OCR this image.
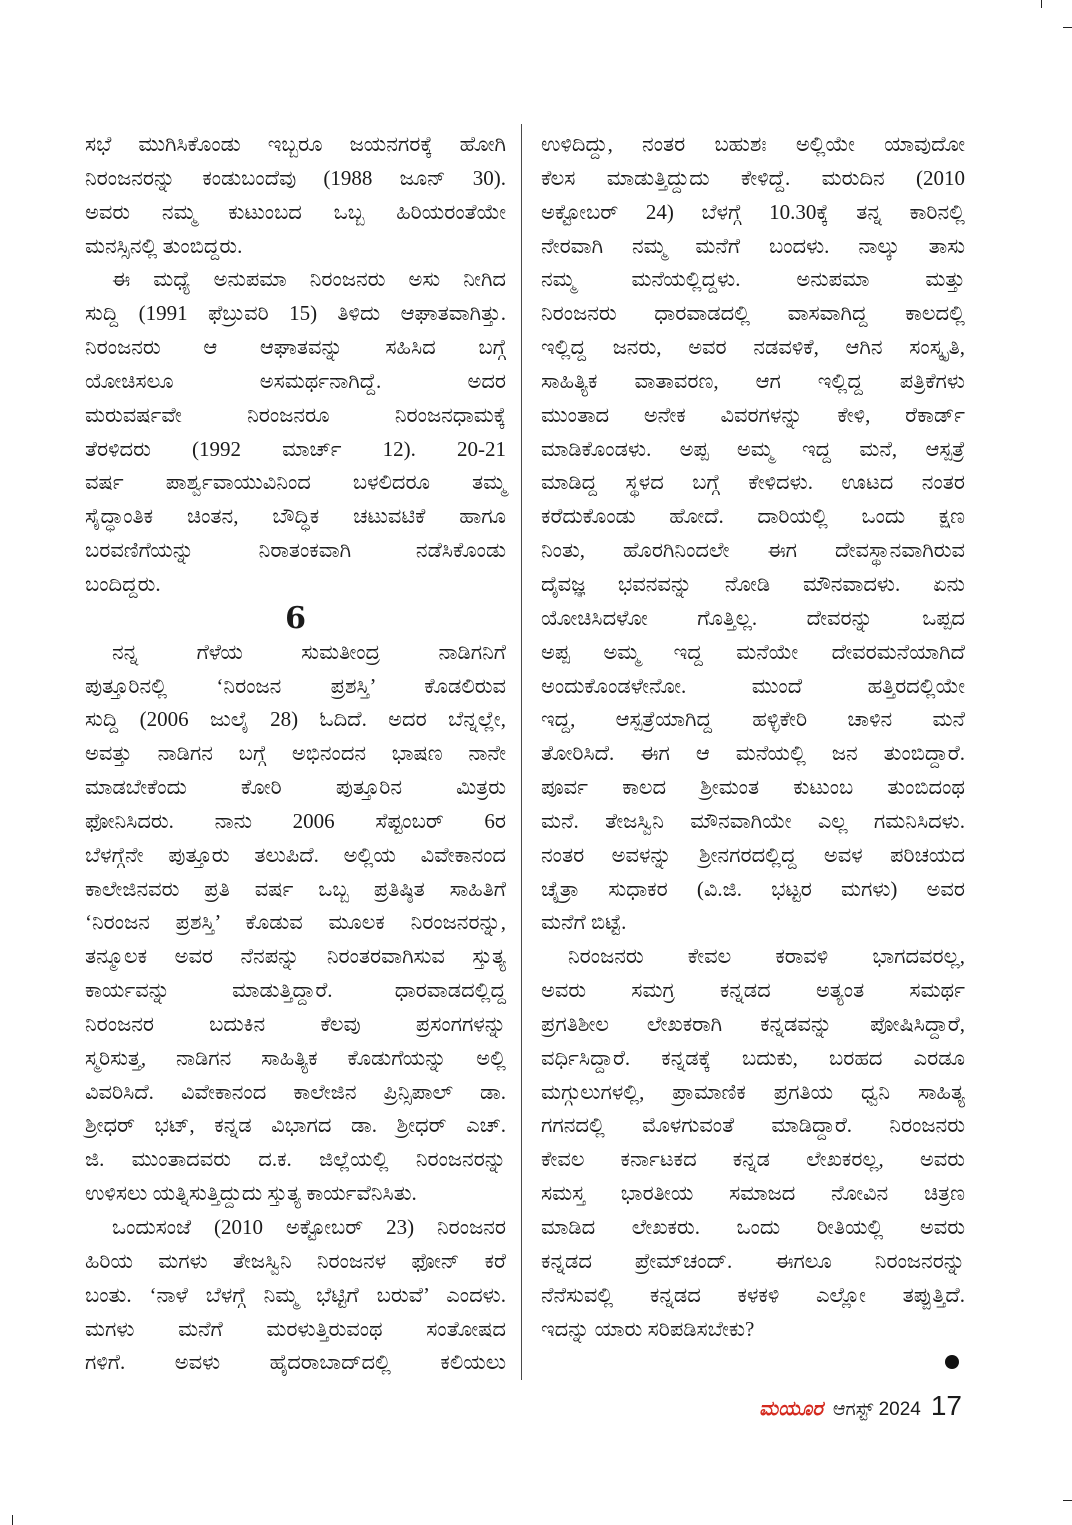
ಸಭೆ ಮುಗಿಸಿಕೊಂಡು ಇಬ್ಬರೂ ಜಯನಗರಕ್ಕೆ ಹೋಗಿ
ನಿರಂಜನರನ್ನು ಕಂಡುಬಂದೆವು (1988 ಜೂನ್ 30).
ಅವರು ನಮ್ಮ ಕುಟುಂಬದ ಒಬ್ಬ ಹಿರಿಯರಂತೆಯೇ
ಮನಸ್ಸಿನಲ್ಲಿ ತುಂಬಿದ್ದರು.
ಈ ಮಧ್ಯೆ ಅನುಪಮಾ ನಿರಂಜನರು ಅಸು ನೀಗಿದ
ಸುದ್ದಿ (1991 ಫೆಬ್ರುವರಿ 15) ತಿಳಿದು ಆಘಾತವಾಗಿತ್ತು.
ನಿರಂಜನರು ಆ ಆಘಾತವನ್ನು ಸಹಿಸಿದ ಬಗ್ಗೆ
ಯೋಚಿಸಲೂ ಅಸಮರ್ಥನಾಗಿದ್ದೆ. ಅದರ
ಮರುವರ್ಷವೇ ನಿರಂಜನರೂ ನಿರಂಜನಧಾಮಕ್ಕೆ
ತೆರಳಿದರು (1992 ಮಾರ್ಚ್ 12). 20-21
ವರ್ಷ ಪಾರ್ಶ್ವವಾಯುವಿನಿಂದ ಬಳಲಿದರೂ ತಮ್ಮ
ಸೈದ್ಧಾಂತಿಕ ಚಿಂತನ, ಬೌದ್ಧಿಕ ಚಟುವಟಿಕೆ ಹಾಗೂ
ಬರವಣಿಗೆಯನ್ನು ನಿರಾತಂಕವಾಗಿ ನಡೆಸಿಕೊಂಡು
ಬಂದಿದ್ದರು.
6
ನನ್ನ ಗೆಳೆಯ ಸುಮತೀಂದ್ರ ನಾಡಿಗನಿಗೆ
ಪುತ್ತೂರಿನಲ್ಲಿ ‘ನಿರಂಜನ ಪ್ರಶಸ್ತಿ’ ಕೊಡಲಿರುವ
ಸುದ್ದಿ (2006 ಜುಲೈ 28) ಓದಿದೆ. ಅದರ ಬೆನ್ನಲ್ಲೇ,
ಅವತ್ತು ನಾಡಿಗನ ಬಗ್ಗೆ ಅಭಿನಂದನ ಭಾಷಣ ನಾನೇ
ಮಾಡಬೇಕೆಂದು ಕೋರಿ ಪುತ್ತೂರಿನ ಮಿತ್ರರು
ಫೋನಿಸಿದರು. ನಾನು 2006 ಸೆಪ್ಟಂಬರ್ 6ರ
ಬೆಳಗ್ಗೆನೇ ಪುತ್ತೂರು ತಲುಪಿದೆ. ಅಲ್ಲಿಯ ವಿವೇಕಾನಂದ
ಕಾಲೇಜಿನವರು ಪ್ರತಿ ವರ್ಷ ಒಬ್ಬ ಪ್ರತಿಷ್ಠಿತ ಸಾಹಿತಿಗೆ
‘ನಿರಂಜನ ಪ್ರಶಸ್ತಿ’ ಕೊಡುವ ಮೂಲಕ ನಿರಂಜನರನ್ನು,
ತನ್ಮೂಲಕ ಅವರ ನೆನಪನ್ನು ನಿರಂತರವಾಗಿಸುವ ಸ್ತುತ್ಯ
ಕಾರ್ಯವನ್ನು ಮಾಡುತ್ತಿದ್ದಾರೆ. ಧಾರವಾಡದಲ್ಲಿದ್ದ
ನಿರಂಜನರ ಬದುಕಿನ ಕೆಲವು ಪ್ರಸಂಗಗಳನ್ನು
ಸ್ಮರಿಸುತ್ತ, ನಾಡಿಗನ ಸಾಹಿತ್ಯಿಕ ಕೊಡುಗೆಯನ್ನು ಅಲ್ಲಿ
ವಿವರಿಸಿದೆ. ವಿವೇಕಾನಂದ ಕಾಲೇಜಿನ ಪ್ರಿನ್ಸಿಪಾಲ್ ಡಾ.
ಶ್ರೀಧರ್ ಭಟ್, ಕನ್ನಡ ವಿಭಾಗದ ಡಾ. ಶ್ರೀಧರ್ ಎಚ್.
ಜಿ. ಮುಂತಾದವರು ದ.ಕ. ಜಿಲ್ಲೆಯಲ್ಲಿ ನಿರಂಜನರನ್ನು
ಉಳಿಸಲು ಯತ್ನಿಸುತ್ತಿದ್ದುದು ಸ್ತುತ್ಯ ಕಾರ್ಯವೆನಿಸಿತು.
ಒಂದುಸಂಜೆ (2010 ಅಕ್ಟೋಬರ್ 23) ನಿರಂಜನರ
ಹಿರಿಯ ಮಗಳು ತೇಜಸ್ವಿನಿ ನಿರಂಜನಳ ಫೋನ್ ಕರೆ
ಬಂತು. ‘ನಾಳೆ ಬೆಳಗ್ಗೆ ನಿಮ್ಮ ಭೆಟ್ಟಿಗೆ ಬರುವೆ’ ಎಂದಳು.
ಮಗಳು ಮನೆಗೆ ಮರಳುತ್ತಿರುವಂಥ ಸಂತೋಷದ
ಗಳಿಗೆ. ಅವಳು ಹೈದರಾಬಾದ್‌ದಲ್ಲಿ ಕಲಿಯಲು
ಉಳಿದಿದ್ದು, ನಂತರ ಬಹುಶಃ ಅಲ್ಲಿಯೇ ಯಾವುದೋ
ಕೆಲಸ ಮಾಡುತ್ತಿದ್ದುದು ಕೇಳಿದ್ದೆ. ಮರುದಿನ (2010
ಅಕ್ಟೋಬರ್ 24) ಬೆಳಗ್ಗೆ 10.30ಕ್ಕೆ ತನ್ನ ಕಾರಿನಲ್ಲಿ
ನೇರವಾಗಿ ನಮ್ಮ ಮನೆಗೆ ಬಂದಳು. ನಾಲ್ಕು ತಾಸು
ನಮ್ಮ ಮನೆಯಲ್ಲಿದ್ದಳು. ಅನುಪಮಾ ಮತ್ತು
ನಿರಂಜನರು ಧಾರವಾಡದಲ್ಲಿ ವಾಸವಾಗಿದ್ದ ಕಾಲದಲ್ಲಿ
ಇಲ್ಲಿದ್ದ ಜನರು, ಅವರ ನಡವಳಿಕೆ, ಆಗಿನ ಸಂಸ್ಕೃತಿ,
ಸಾಹಿತ್ಯಿಕ ವಾತಾವರಣ, ಆಗ ಇಲ್ಲಿದ್ದ ಪತ್ರಿಕೆಗಳು
ಮುಂತಾದ ಅನೇಕ ವಿವರಗಳನ್ನು ಕೇಳಿ, ರೆಕಾರ್ಡ್
ಮಾಡಿಕೊಂಡಳು. ಅಪ್ಪ ಅಮ್ಮ ಇದ್ದ ಮನೆ, ಆಸ್ಪತ್ರೆ
ಮಾಡಿದ್ದ ಸ್ಥಳದ ಬಗ್ಗೆ ಕೇಳಿದಳು. ಊಟದ ನಂತರ
ಕರೆದುಕೊಂಡು ಹೋದೆ. ದಾರಿಯಲ್ಲಿ ಒಂದು ಕ್ಷಣ
ನಿಂತು, ಹೊರಗಿನಿಂದಲೇ ಈಗ ದೇವಸ್ಥಾನವಾಗಿರುವ
ದೈವಜ್ಞ ಭವನವನ್ನು ನೋಡಿ ಮೌನವಾದಳು. ಏನು
ಯೋಚಿಸಿದಳೋ ಗೊತ್ತಿಲ್ಲ. ದೇವರನ್ನು ಒಪ್ಪದ
ಅಪ್ಪ ಅಮ್ಮ ಇದ್ದ ಮನೆಯೇ ದೇವರಮನೆಯಾಗಿದೆ
ಅಂದುಕೊಂಡಳೇನೋ. ಮುಂದೆ ಹತ್ತಿರದಲ್ಲಿಯೇ
ಇದ್ದ, ಆಸ್ಪತ್ರೆಯಾಗಿದ್ದ ಹಳ್ಳಿಕೇರಿ ಚಾಳಿನ ಮನೆ
ತೋರಿಸಿದೆ. ಈಗ ಆ ಮನೆಯಲ್ಲಿ ಜನ ತುಂಬಿದ್ದಾರೆ.
ಪೂರ್ವ ಕಾಲದ ಶ್ರೀಮಂತ ಕುಟುಂಬ ತುಂಬಿದಂಥ
ಮನೆ. ತೇಜಸ್ವಿನಿ ಮೌನವಾಗಿಯೇ ಎಲ್ಲ ಗಮನಿಸಿದಳು.
ನಂತರ ಅವಳನ್ನು ಶ್ರೀನಗರದಲ್ಲಿದ್ದ ಅವಳ ಪರಿಚಯದ
ಚೈತ್ರಾ ಸುಧಾಕರ (ವಿ.ಜಿ. ಭಟ್ಟರ ಮಗಳು) ಅವರ
ಮನೆಗೆ ಬಿಟ್ಟೆ.
ನಿರಂಜನರು ಕೇವಲ ಕರಾವಳಿ ಭಾಗದವರಲ್ಲ,
ಅವರು ಸಮಗ್ರ ಕನ್ನಡದ ಅತ್ಯಂತ ಸಮರ್ಥ
ಪ್ರಗತಿಶೀಲ ಲೇಖಕರಾಗಿ ಕನ್ನಡವನ್ನು ಪೋಷಿಸಿದ್ದಾರೆ,
ವರ್ಧಿಸಿದ್ದಾರೆ. ಕನ್ನಡಕ್ಕೆ ಬದುಕು, ಬರಹದ ಎರಡೂ
ಮಗ್ಗುಲುಗಳಲ್ಲಿ, ಪ್ರಾಮಾಣಿಕ ಪ್ರಗತಿಯ ಧ್ವನಿ ಸಾಹಿತ್ಯ
ಗಗನದಲ್ಲಿ ಮೊಳಗುವಂತೆ ಮಾಡಿದ್ದಾರೆ. ನಿರಂಜನರು
ಕೇವಲ ಕರ್ನಾಟಕದ ಕನ್ನಡ ಲೇಖಕರಲ್ಲ, ಅವರು
ಸಮಸ್ತ ಭಾರತೀಯ ಸಮಾಜದ ನೋವಿನ ಚಿತ್ರಣ
ಮಾಡಿದ ಲೇಖಕರು. ಒಂದು ರೀತಿಯಲ್ಲಿ ಅವರು
ಕನ್ನಡದ ಪ್ರೇಮ್‌ಚಂದ್. ಈಗಲೂ ನಿರಂಜನರನ್ನು
ನೆನೆಸುವಲ್ಲಿ ಕನ್ನಡದ ಕಳಕಳಿ ಎಲ್ಲೋ ತಪ್ಪುತ್ತಿದೆ.
ಇದನ್ನು ಯಾರು ಸರಿಪಡಿಸಬೇಕು?
ಮಯೂರ ಆಗಸ್ಟ್ 2024 17
